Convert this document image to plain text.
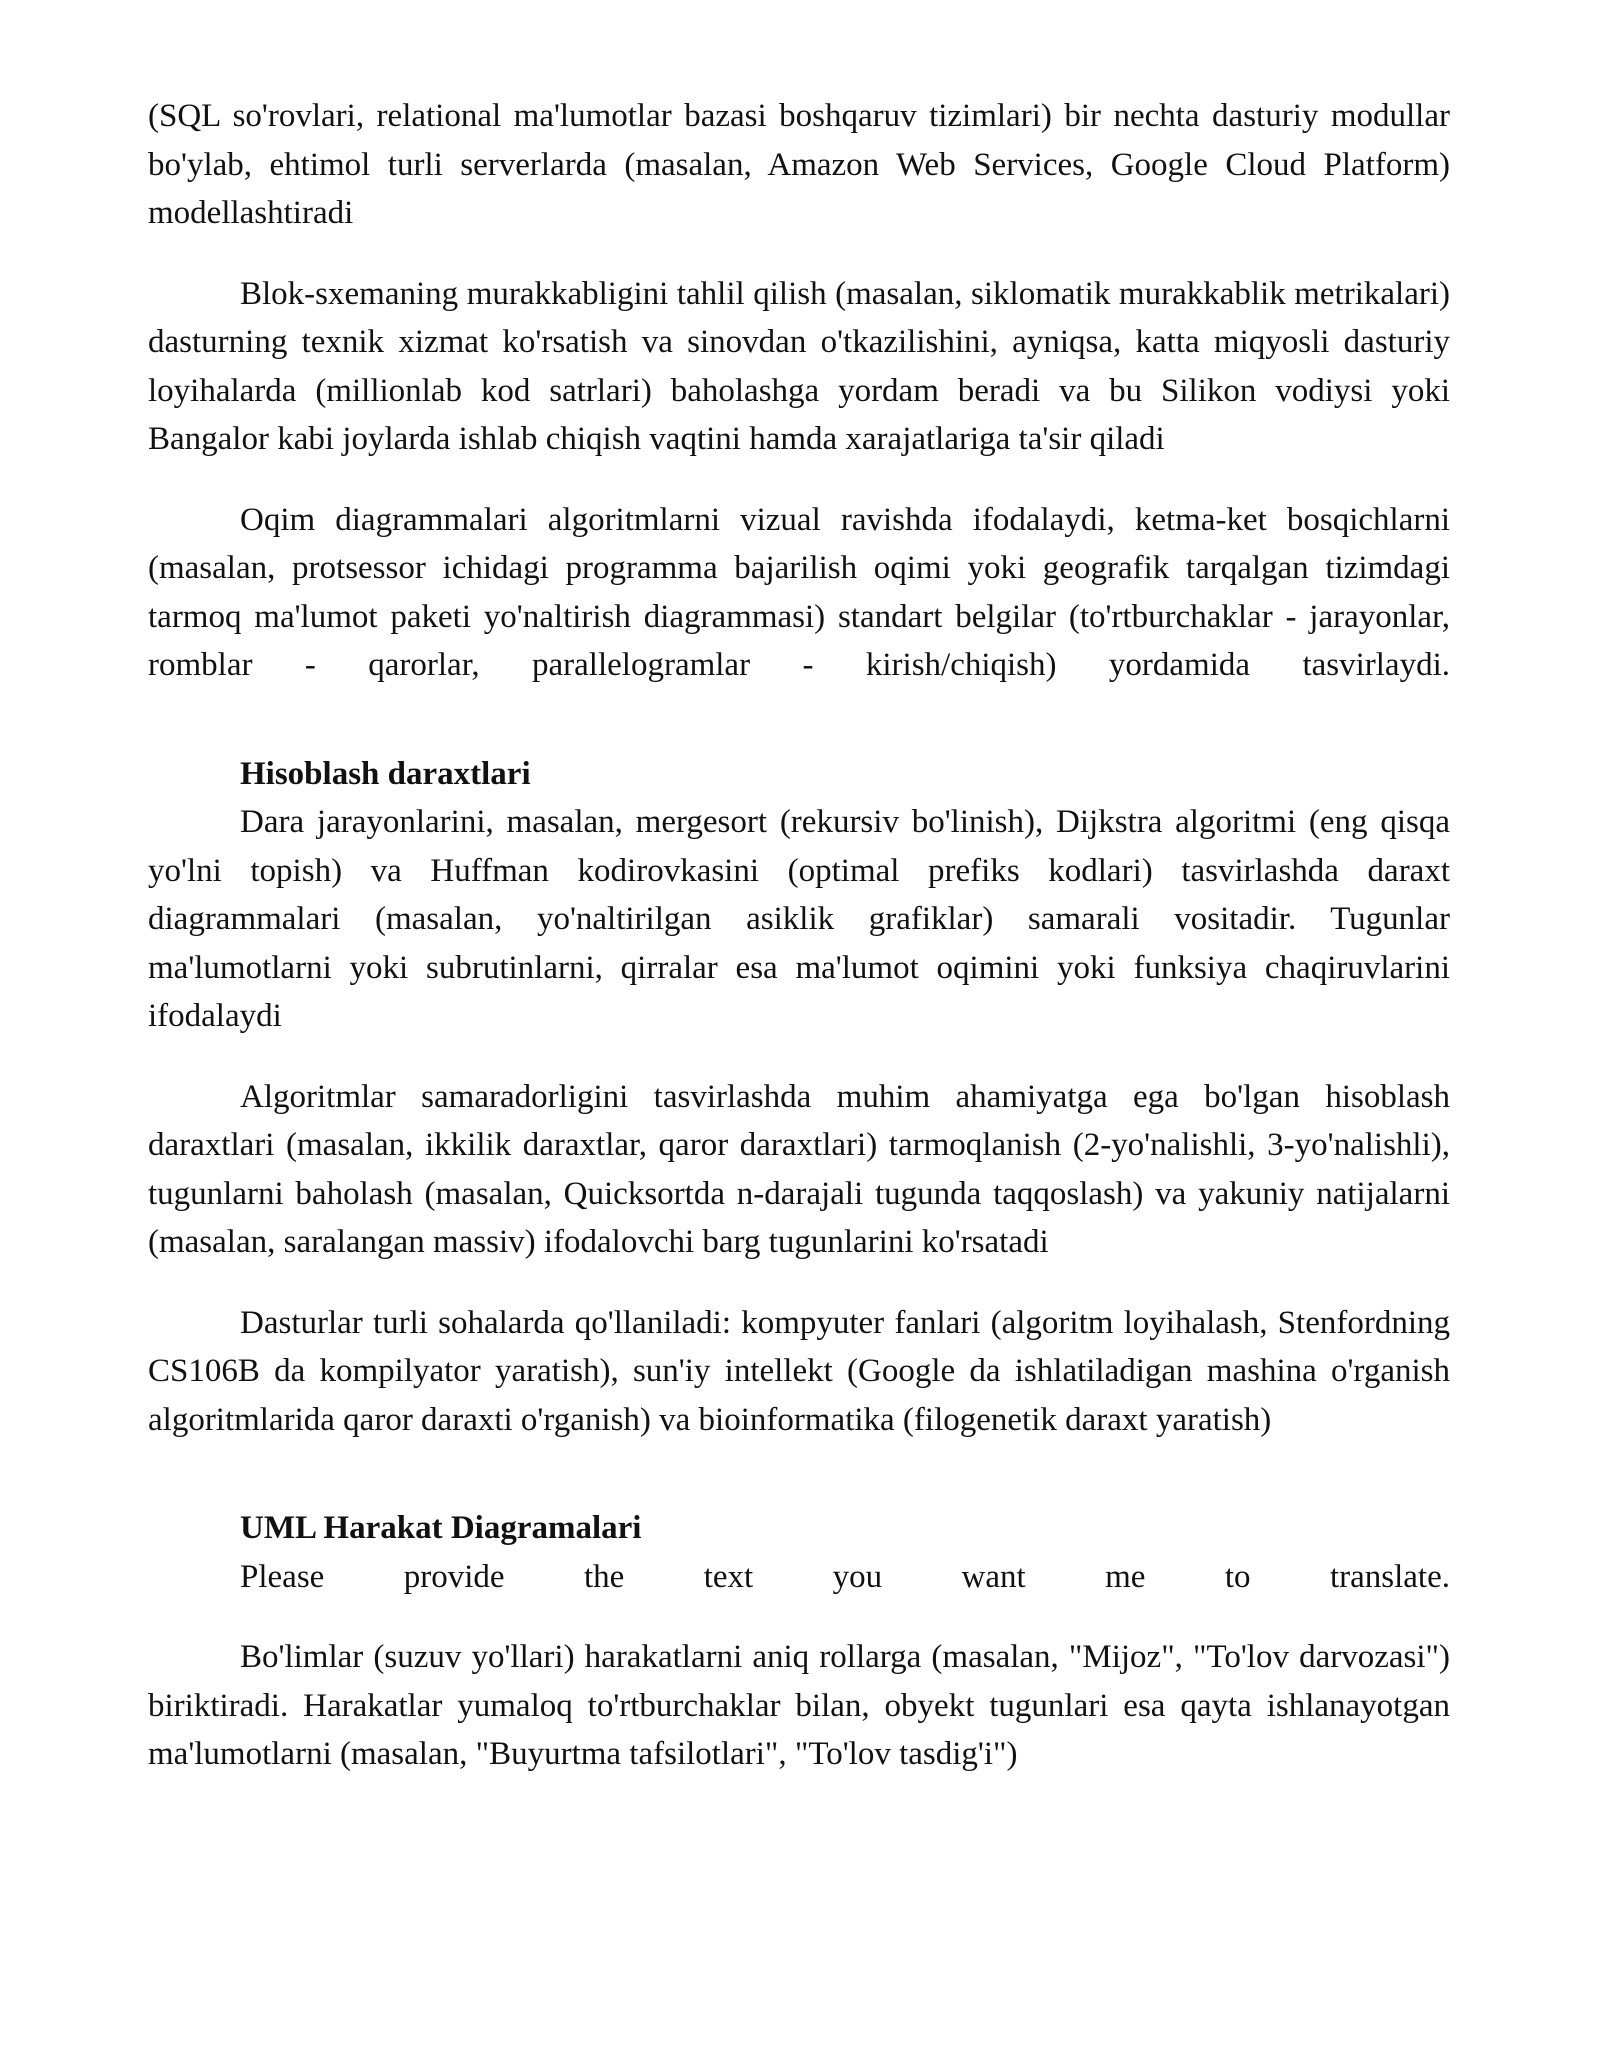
(SQL so'rovlari, relational ma'lumotlar bazasi boshqaruv tizimlari) bir nechta dasturiy modullar bo'ylab, ehtimol turli serverlarda (masalan, Amazon Web Services, Google Cloud Platform) modellashtiradi

Blok-sxemaning murakkabligini tahlil qilish (masalan, siklomatik murakkablik metrikalari) dasturning texnik xizmat ko'rsatish va sinovdan o'tkazilishini, ayniqsa, katta miqyosli dasturiy loyihalarda (millionlab kod satrlari) baholashga yordam beradi va bu Silikon vodiysi yoki Bangalor kabi joylarda ishlab chiqish vaqtini hamda xarajatlariga ta'sir qiladi

Oqim diagrammalari algoritmlarni vizual ravishda ifodalaydi, ketma-ket bosqichlarni (masalan, protsessor ichidagi programma bajarilish oqimi yoki geografik tarqalgan tizimdagi tarmoq ma'lumot paketi yo'naltirish diagrammasi) standart belgilar (to'rtburchaklar - jarayonlar, romblar - qarorlar, parallelogramlar - kirish/chiqish) yordamida tasvirlaydi.

Hisoblash daraxtlari

Dara jarayonlarini, masalan, mergesort (rekursiv bo'linish), Dijkstra algoritmi (eng qisqa yo'lni topish) va Huffman kodirovkasini (optimal prefiks kodlari) tasvirlashda daraxt diagrammalari (masalan, yo'naltirilgan asiklik grafiklar) samarali vositadir. Tugunlar ma'lumotlarni yoki subrutinlarni, qirralar esa ma'lumot oqimini yoki funksiya chaqiruvlarini ifodalaydi

Algoritmlar samaradorligini tasvirlashda muhim ahamiyatga ega bo'lgan hisoblash daraxtlari (masalan, ikkilik daraxtlar, qaror daraxtlari) tarmoqlanish (2-yo'nalishli, 3-yo'nalishli), tugunlarni baholash (masalan, Quicksortda n-darajali tugunda taqqoslash) va yakuniy natijalarni (masalan, saralangan massiv) ifodalovchi barg tugunlarini ko'rsatadi

Dasturlar turli sohalarda qo'llaniladi: kompyuter fanlari (algoritm loyihalash, Stenfordning CS106B da kompilyator yaratish), sun'iy intellekt (Google da ishlatiladigan mashina o'rganish algoritmlarida qaror daraxti o'rganish) va bioinformatika (filogenetik daraxt yaratish)

UML Harakat Diagramalari

Please provide the text you want me to translate.

Bo'limlar (suzuv yo'llari) harakatlarni aniq rollarga (masalan, "Mijoz", "To'lov darvozasi") biriktiradi. Harakatlar yumaloq to'rtburchaklar bilan, obyekt tugunlari esa qayta ishlanayotgan ma'lumotlarni (masalan, "Buyurtma tafsilotlari", "To'lov tasdig'i")
